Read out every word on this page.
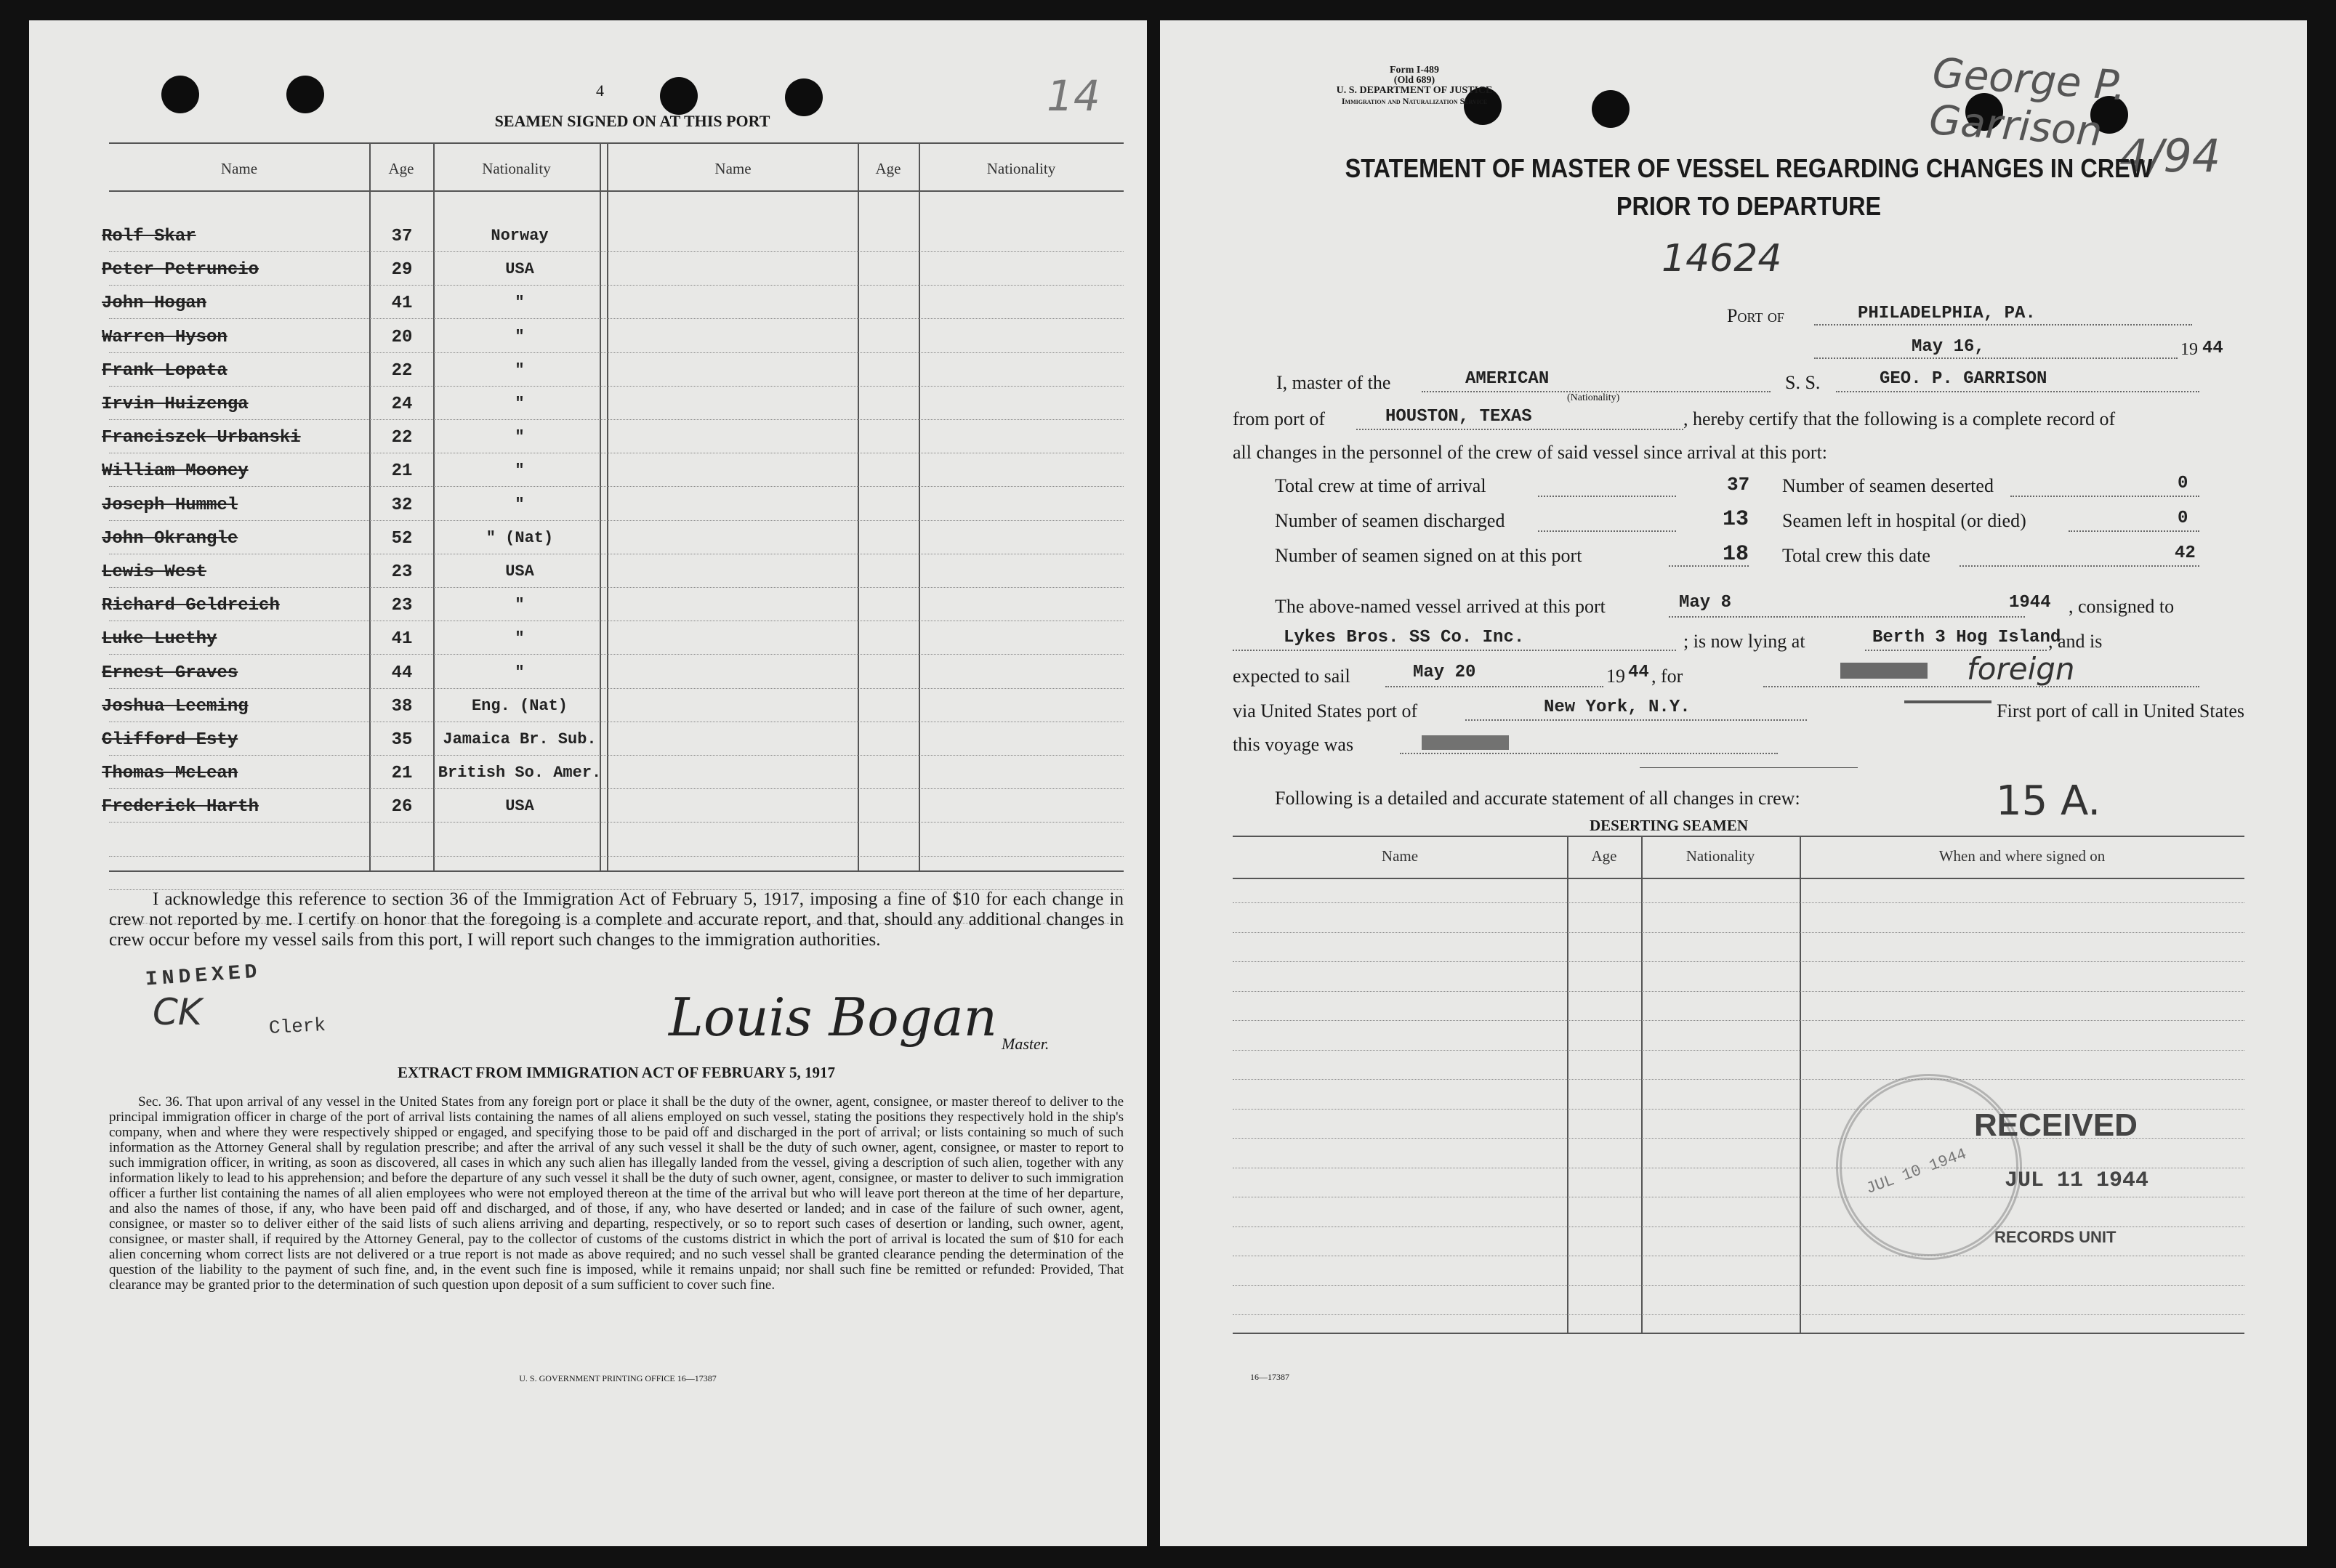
4	14
SEAMEN SIGNED ON AT THIS PORT
Name	Age	Nationality	Name	Age	Nationality
I acknowledge this reference to section 36 of the Immigration Act of February 5, 1917, imposing a fine of $10 for each change in crew not reported by me. I certify on honor that the foregoing is a complete and accurate report, and that, should any additional changes in crew occur before my vessel sails from this port, I will report such changes to the immigration authorities.
INDEXED
CK	Clerk	Louis Bogan Master.
EXTRACT FROM IMMIGRATION ACT OF FEBRUARY 5, 1917
Sec. 36. That upon arrival of any vessel in the United States from any foreign port or place it shall be the duty of the owner, agent, consignee, or master thereof to deliver to the principal immigration officer in charge of the port of arrival lists containing the names of all aliens employed on such vessel, stating the positions they respectively hold in the ship's company, when and where they were respectively shipped or engaged, and specifying those to be paid off and discharged in the port of arrival; or lists containing so much of such information as the Attorney General shall by regulation prescribe; and after the arrival of any such vessel it shall be the duty of such owner, agent, consignee, or master to report to such immigration officer, in writing, as soon as discovered, all cases in which any such alien has illegally landed from the vessel, giving a description of such alien, together with any information likely to lead to his apprehension; and before the departure of any such vessel it shall be the duty of such owner, agent, consignee, or master to deliver to such immigration officer a further list containing the names of all alien employees who were not employed thereon at the time of the arrival but who will leave port thereon at the time of her departure, and also the names of those, if any, who have been paid off and discharged, and of those, if any, who have deserted or landed; and in case of the failure of such owner, agent, consignee, or master so to deliver either of the said lists of such aliens arriving and departing, respectively, or so to report such cases of desertion or landing, such owner, agent, consignee, or master shall, if required by the Attorney General, pay to the collector of customs of the customs district in which the port of arrival is located the sum of $10 for each alien concerning whom correct lists are not delivered or a true report is not made as above required; and no such vessel shall be granted clearance pending the determination of the question of the liability to the payment of such fine, and, in the event such fine is imposed, while it remains unpaid; nor shall such fine be remitted or refunded: Provided, That clearance may be granted prior to the determination of such question upon deposit of a sum sufficient to cover such fine.
U. S. GOVERNMENT PRINTING OFFICE 16—17387
Rolf Skar	37	Norway
Peter Petruncio	29	USA
John Hogan	41	"
Warren Hyson	20	"
Frank Lopata	22	"
Irvin Huizenga	24	"
Franciszek Urbanski	22	"
William Mooney	21	"
Joseph Hummel	32	"
John Okrangle	52	" (Nat)
Lewis West	23	USA
Richard Geldreich	23	"
Luke Luethy	41	"
Ernest Graves	44	"
Joshua Leeming	38	Eng. (Nat)
Clifford Esty	35	Jamaica Br. Sub.
Thomas McLean	21	British So. Amer.
Frederick Harth	26	USA
Form I-489
(Old 689)
U. S. DEPARTMENT OF JUSTICE
Immigration and Naturalization Service	George P. Garrison
4/94
STATEMENT OF MASTER OF VESSEL REGARDING CHANGES IN CREW
PRIOR TO DEPARTURE
14624
Port of	PHILADELPHIA, PA.
May 16,	19 44
I, master of the	AMERICAN
(Nationality)
S. S.	GEO. P. GARRISON
from port of	HOUSTON, TEXAS	, hereby certify that the following is a complete record of
all changes in the personnel of the crew of said vessel since arrival at this port:
Total crew at time of arrival	37
Number of seamen discharged	13
Number of seamen signed on at this port	18
Number of seamen deserted	0
Seamen left in hospital (or died)	0
Total crew this date	42
The above-named vessel arrived at this port	May 8	1944 , consigned to
Lykes Bros. SS Co. Inc.	; is now lying at	Berth 3 Hog Island
, and is
expected to sail	May 20	19 44 , for	foreign
via United States port of	New York, N.Y.	First port of call in United States
this voyage was
Following is a detailed and accurate statement of all changes in crew:	15 A.
DESERTING SEAMEN
Name	Age	Nationality	When and where signed on
JUL 10 1944
RECEIVED
JUL 11 1944
RECORDS UNIT
16—17387
